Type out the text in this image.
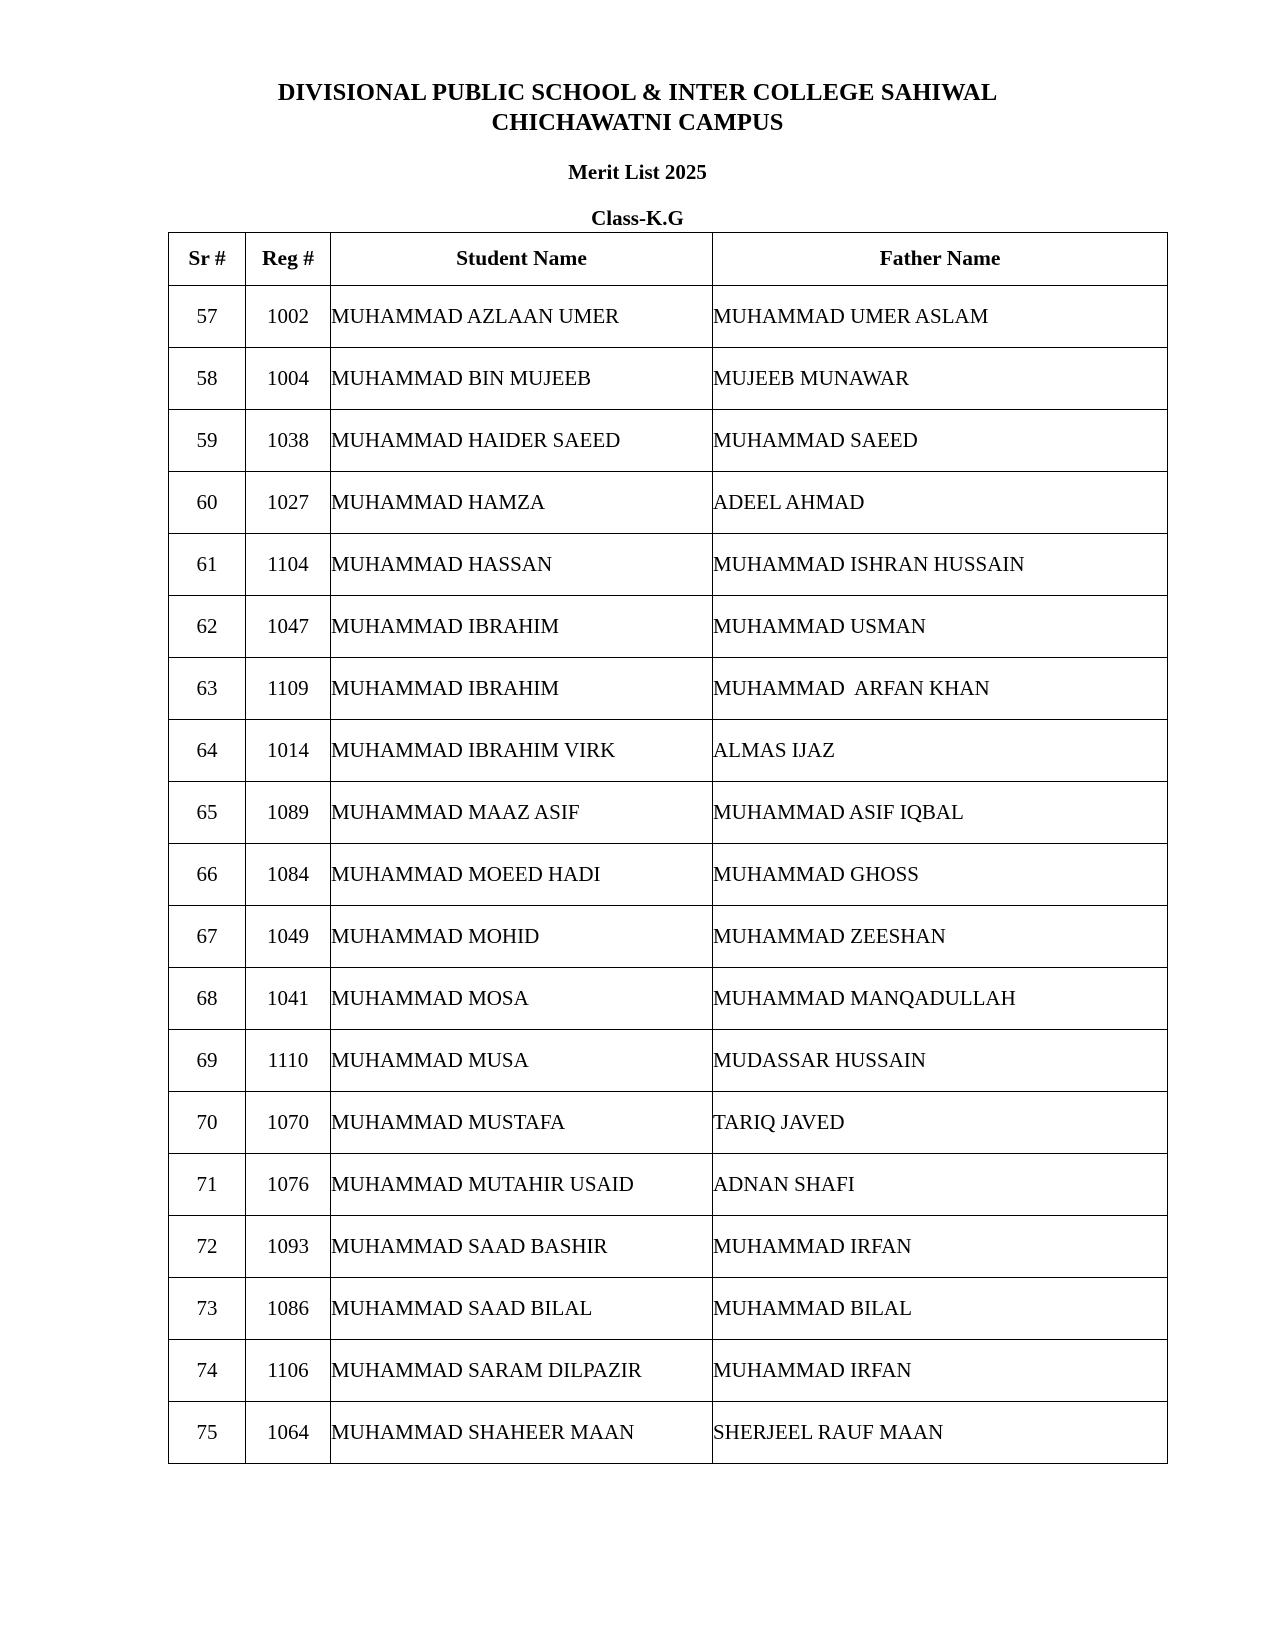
DIVISIONAL PUBLIC SCHOOL & INTER COLLEGE SAHIWAL
CHICHAWATNI CAMPUS
Merit List 2025
Class-K.G
Sr #	Reg #	Student Name	Father Name
57	1002	MUHAMMAD AZLAAN UMER	MUHAMMAD UMER ASLAM
58	1004	MUHAMMAD BIN MUJEEB	MUJEEB MUNAWAR
59	1038	MUHAMMAD HAIDER SAEED	MUHAMMAD SAEED
60	1027	MUHAMMAD HAMZA	ADEEL AHMAD
61	1104	MUHAMMAD HASSAN	MUHAMMAD ISHRAN HUSSAIN
62	1047	MUHAMMAD IBRAHIM	MUHAMMAD USMAN
63	1109	MUHAMMAD IBRAHIM	MUHAMMAD  ARFAN KHAN
64	1014	MUHAMMAD IBRAHIM VIRK	ALMAS IJAZ
65	1089	MUHAMMAD MAAZ ASIF	MUHAMMAD ASIF IQBAL
66	1084	MUHAMMAD MOEED HADI	MUHAMMAD GHOSS
67	1049	MUHAMMAD MOHID	MUHAMMAD ZEESHAN
68	1041	MUHAMMAD MOSA	MUHAMMAD MANQADULLAH
69	1110	MUHAMMAD MUSA	MUDASSAR HUSSAIN
70	1070	MUHAMMAD MUSTAFA	TARIQ JAVED
71	1076	MUHAMMAD MUTAHIR USAID	ADNAN SHAFI
72	1093	MUHAMMAD SAAD BASHIR	MUHAMMAD IRFAN
73	1086	MUHAMMAD SAAD BILAL	MUHAMMAD BILAL
74	1106	MUHAMMAD SARAM DILPAZIR	MUHAMMAD IRFAN
75	1064	MUHAMMAD SHAHEER MAAN	SHERJEEL RAUF MAAN
